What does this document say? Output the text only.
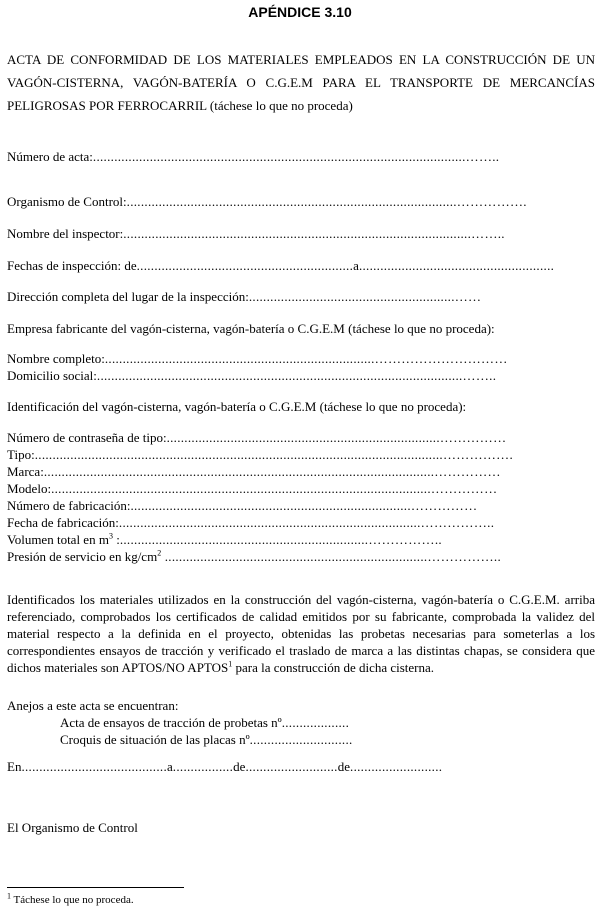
APÉNDICE 3.10
ACTA DE CONFORMIDAD DE LOS MATERIALES EMPLEADOS EN LA CONSTRUCCIÓN DE UN VAGÓN-CISTERNA, VAGÓN-BATERÍA O C.G.E.M PARA EL TRANSPORTE DE MERCANCÍAS PELIGROSAS POR FERROCARRIL (táchese lo que no proceda)
Número de acta:.........................................................................................................……..
Organismo de Control:.............................................................................................…………….
Nombre del inspector:..................................................................................................……..
Fechas de inspección: de.............................................................a.......................................................
Dirección completa del lugar de la inspección:..........................................................……
Empresa fabricante del vagón-cisterna, vagón-batería o C.G.E.M (táchese lo que no proceda):
Nombre completo:............................................................................…………………………
Domicilio social:.......................................................................................................……..
Identificación del vagón-cisterna, vagón-batería o C.G.E.M (táchese lo que no proceda):
Número de contraseña de tipo:.............................................................................……………
Tipo:...................................................................................................................…………….
Marca:..............................................................................................................……………
Modelo:...........................................................................................................……………
Número de fabricación:...............................................................................……………
Fecha de fabricación:.....................................................................................……………..
Volumen total en $m^3$ :......................................................................……………..
Presión de servicio en $kg/cm^2$ ..........................................................................……………..
Identificados los materiales utilizados en la construcción del vagón-cisterna, vagón-batería o C.G.E.M. arriba referenciado, comprobados los certificados de calidad emitidos por su fabricante, comprobada la validez del material respecto a la definida en el proyecto, obtenidas las probetas necesarias para someterlas a los correspondientes ensayos de tracción y verificado el traslado de marca a las distintas chapas, se considera que dichos materiales son APTOS/NO APTOS$^1$ para la construcción de dicha cisterna.
Anejos a este acta se encuentran:
Acta de ensayos de tracción de probetas nº...................
Croquis de situación de las placas nº.............................
En.........................................a.................de..........................de..........................
El Organismo de Control
$^1$ Táchese lo que no proceda.
